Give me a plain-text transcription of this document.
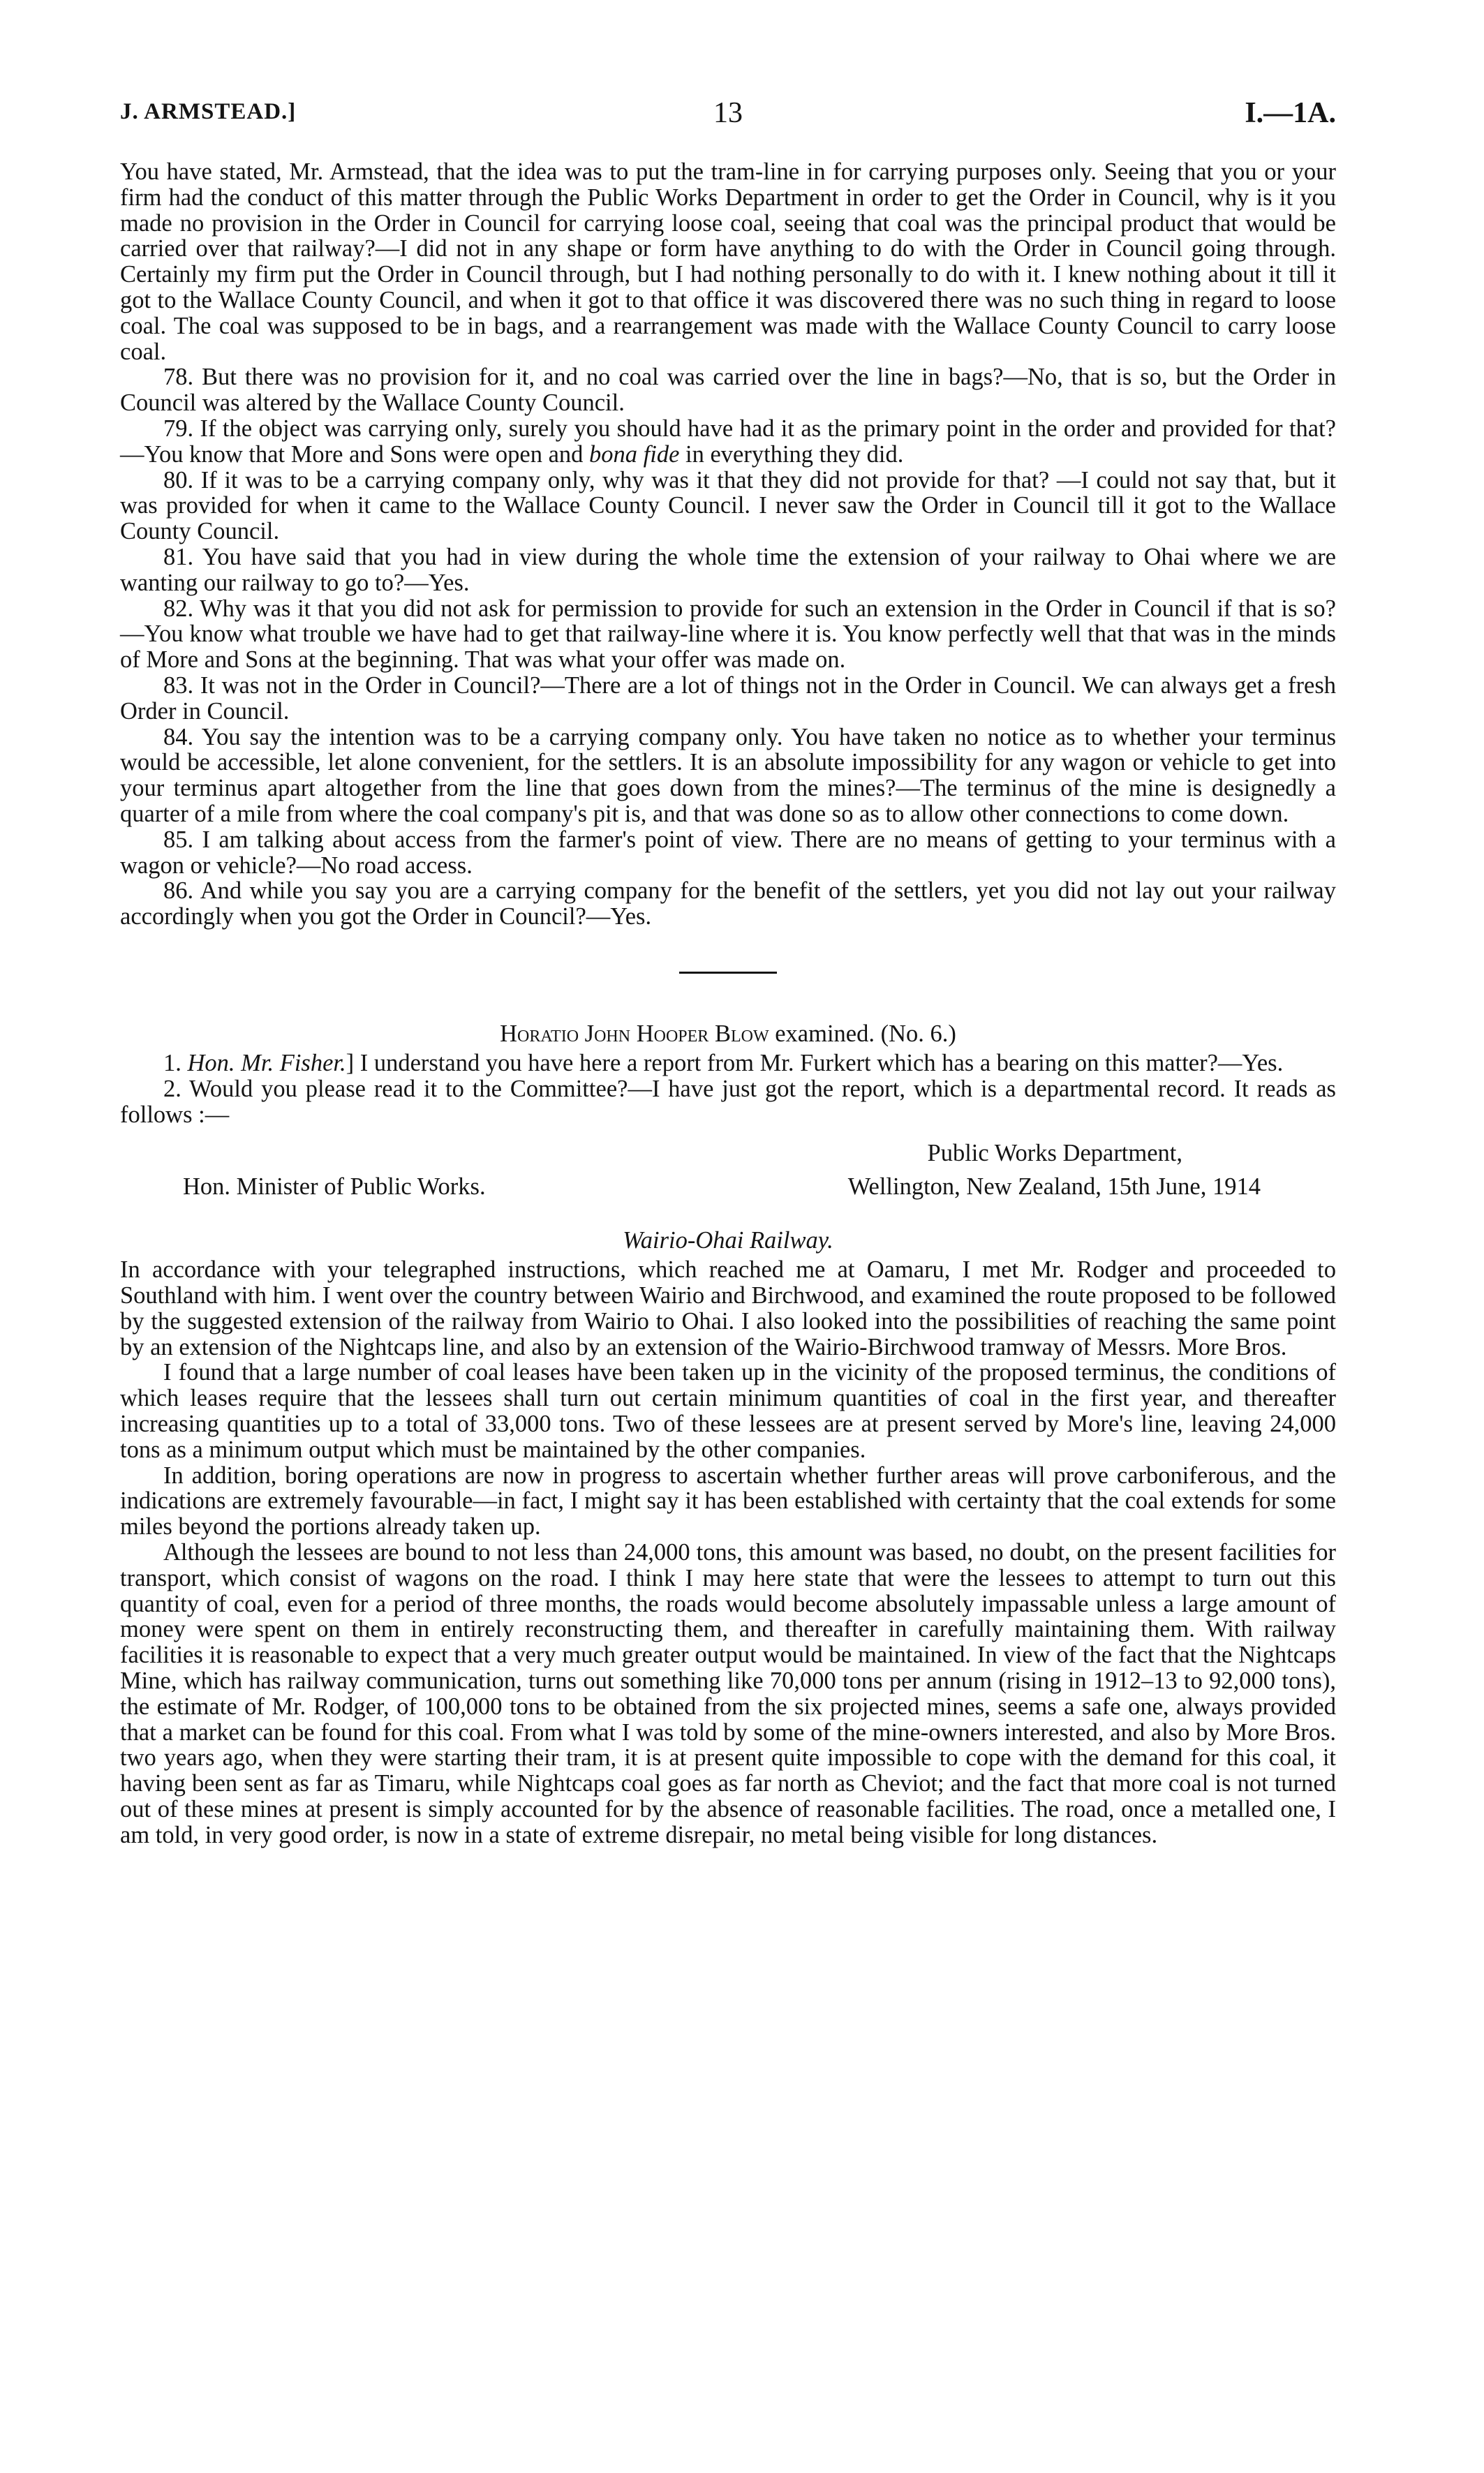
J. ARMSTEAD.]	13	I.—1A.

You have stated, Mr. Armstead, that the idea was to put the tram-line in for carrying purposes only. Seeing that you or your firm had the conduct of this matter through the Public Works Department in order to get the Order in Council, why is it you made no provision in the Order in Council for carrying loose coal, seeing that coal was the principal product that would be carried over that railway?—I did not in any shape or form have anything to do with the Order in Council going through. Certainly my firm put the Order in Council through, but I had nothing personally to do with it. I knew nothing about it till it got to the Wallace County Council, and when it got to that office it was discovered there was no such thing in regard to loose coal. The coal was supposed to be in bags, and a rearrangement was made with the Wallace County Council to carry loose coal.

78. But there was no provision for it, and no coal was carried over the line in bags?—No, that is so, but the Order in Council was altered by the Wallace County Council.

79. If the object was carrying only, surely you should have had it as the primary point in the order and provided for that?—You know that More and Sons were open and bona fide in everything they did.

80. If it was to be a carrying company only, why was it that they did not provide for that? —I could not say that, but it was provided for when it came to the Wallace County Council. I never saw the Order in Council till it got to the Wallace County Council.

81. You have said that you had in view during the whole time the extension of your railway to Ohai where we are wanting our railway to go to?—Yes.

82. Why was it that you did not ask for permission to provide for such an extension in the Order in Council if that is so?—You know what trouble we have had to get that railway-line where it is. You know perfectly well that that was in the minds of More and Sons at the beginning. That was what your offer was made on.

83. It was not in the Order in Council?—There are a lot of things not in the Order in Council. We can always get a fresh Order in Council.

84. You say the intention was to be a carrying company only. You have taken no notice as to whether your terminus would be accessible, let alone convenient, for the settlers. It is an absolute impossibility for any wagon or vehicle to get into your terminus apart altogether from the line that goes down from the mines?—The terminus of the mine is designedly a quarter of a mile from where the coal company's pit is, and that was done so as to allow other connections to come down.

85. I am talking about access from the farmer's point of view. There are no means of getting to your terminus with a wagon or vehicle?—No road access.

86. And while you say you are a carrying company for the benefit of the settlers, yet you did not lay out your railway accordingly when you got the Order in Council?—Yes.

Horatio John Hooper Blow examined. (No. 6.)

1. Hon. Mr. Fisher.] I understand you have here a report from Mr. Furkert which has a bearing on this matter?—Yes.

2. Would you please read it to the Committee?—I have just got the report, which is a departmental record. It reads as follows :—

Public Works Department,
Hon. Minister of Public Works.	Wellington, New Zealand, 15th June, 1914
Wairio-Ohai Railway.

In accordance with your telegraphed instructions, which reached me at Oamaru, I met Mr. Rodger and proceeded to Southland with him. I went over the country between Wairio and Birchwood, and examined the route proposed to be followed by the suggested extension of the railway from Wairio to Ohai. I also looked into the possibilities of reaching the same point by an extension of the Nightcaps line, and also by an extension of the Wairio-Birchwood tramway of Messrs. More Bros.

I found that a large number of coal leases have been taken up in the vicinity of the proposed terminus, the conditions of which leases require that the lessees shall turn out certain minimum quantities of coal in the first year, and thereafter increasing quantities up to a total of 33,000 tons. Two of these lessees are at present served by More's line, leaving 24,000 tons as a minimum output which must be maintained by the other companies.

In addition, boring operations are now in progress to ascertain whether further areas will prove carboniferous, and the indications are extremely favourable—in fact, I might say it has been established with certainty that the coal extends for some miles beyond the portions already taken up.

Although the lessees are bound to not less than 24,000 tons, this amount was based, no doubt, on the present facilities for transport, which consist of wagons on the road. I think I may here state that were the lessees to attempt to turn out this quantity of coal, even for a period of three months, the roads would become absolutely impassable unless a large amount of money were spent on them in entirely reconstructing them, and thereafter in carefully maintaining them. With railway facilities it is reasonable to expect that a very much greater output would be maintained. In view of the fact that the Nightcaps Mine, which has railway communication, turns out something like 70,000 tons per annum (rising in 1912–13 to 92,000 tons), the estimate of Mr. Rodger, of 100,000 tons to be obtained from the six projected mines, seems a safe one, always provided that a market can be found for this coal. From what I was told by some of the mine-owners interested, and also by More Bros. two years ago, when they were starting their tram, it is at present quite impossible to cope with the demand for this coal, it having been sent as far as Timaru, while Nightcaps coal goes as far north as Cheviot; and the fact that more coal is not turned out of these mines at present is simply accounted for by the absence of reasonable facilities. The road, once a metalled one, I am told, in very good order, is now in a state of extreme disrepair, no metal being visible for long distances.
